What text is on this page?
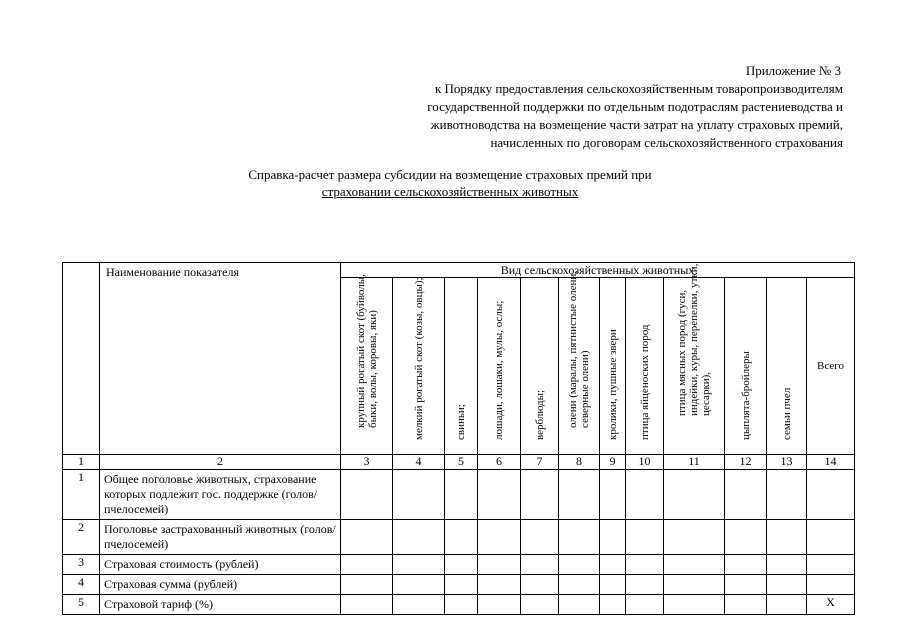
Приложение № 3
к Порядку предоставления сельскохозяйственным товаропроизводителям
государственной поддержки по отдельным подотраслям растениеводства и
животноводства на возмещение части затрат на уплату страховых премий,
начисленных по договорам сельскохозяйственного страхования
Справка-расчет размера субсидии на возмещение страховых премий при
страховании сельскохозяйственных животных
	Наименование показателя	Вид сельскохозяйственных животных											

		крупный рогатый скот (буйволы, быки, волы, коровы, яки)	мелкий рогатый скот (козы, овцы);	свиньи;	лошади, лошаки, мулы, ослы;	верблюды;	олени (маралы, пятнистые олени, северные олени)	кролики, пушные звери	птица яйценоских пород	птица мясных пород (гуси, индейки, куры, перепелки, утки, цесарки),	цыплята-бройлеры	семьи пчел	Всего
1	2	3	4	5	6	7	8	9	10	11	12	13	14
1	Общее поголовье животных, страхование которых подлежит гос. поддержке (голов/пчелосемей)												
2	Поголовье застрахованный животных (голов/пчелосемей)												
3	Страховая стоимость (рублей)												
4	Страховая сумма (рублей)												
5	Страховой тариф (%)												X
